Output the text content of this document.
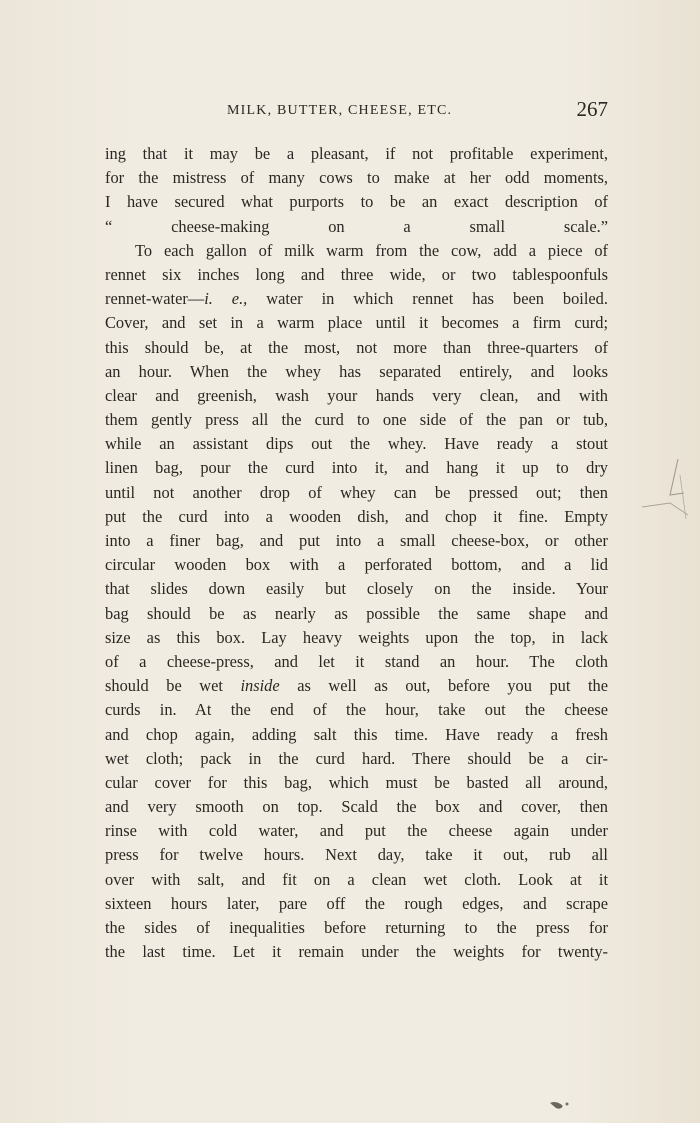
MILK, BUTTER, CHEESE, ETC.	267
ing that it may be a pleasant, if not profitable experiment,
for the mistress of many cows to make at her odd moments,
I have secured what purports to be an exact description of
“ cheese-making on a small scale.”
To each gallon of milk warm from the cow, add a piece of
rennet six inches long and three wide, or two tablespoonfuls
rennet-water—i. e., water in which rennet has been boiled.
Cover, and set in a warm place until it becomes a firm curd;
this should be, at the most, not more than three-quarters of
an hour. When the whey has separated entirely, and looks
clear and greenish, wash your hands very clean, and with
them gently press all the curd to one side of the pan or tub,
while an assistant dips out the whey. Have ready a stout
linen bag, pour the curd into it, and hang it up to dry
until not another drop of whey can be pressed out; then
put the curd into a wooden dish, and chop it fine. Empty
into a finer bag, and put into a small cheese-box, or other
circular wooden box with a perforated bottom, and a lid
that slides down easily but closely on the inside. Your
bag should be as nearly as possible the same shape and
size as this box. Lay heavy weights upon the top, in lack
of a cheese-press, and let it stand an hour. The cloth
should be wet inside as well as out, before you put the
curds in. At the end of the hour, take out the cheese
and chop again, adding salt this time. Have ready a fresh
wet cloth; pack in the curd hard. There should be a cir-
cular cover for this bag, which must be basted all around,
and very smooth on top. Scald the box and cover, then
rinse with cold water, and put the cheese again under
press for twelve hours. Next day, take it out, rub all
over with salt, and fit on a clean wet cloth. Look at it
sixteen hours later, pare off the rough edges, and scrape
the sides of inequalities before returning to the press for
the last time. Let it remain under the weights for twenty-
